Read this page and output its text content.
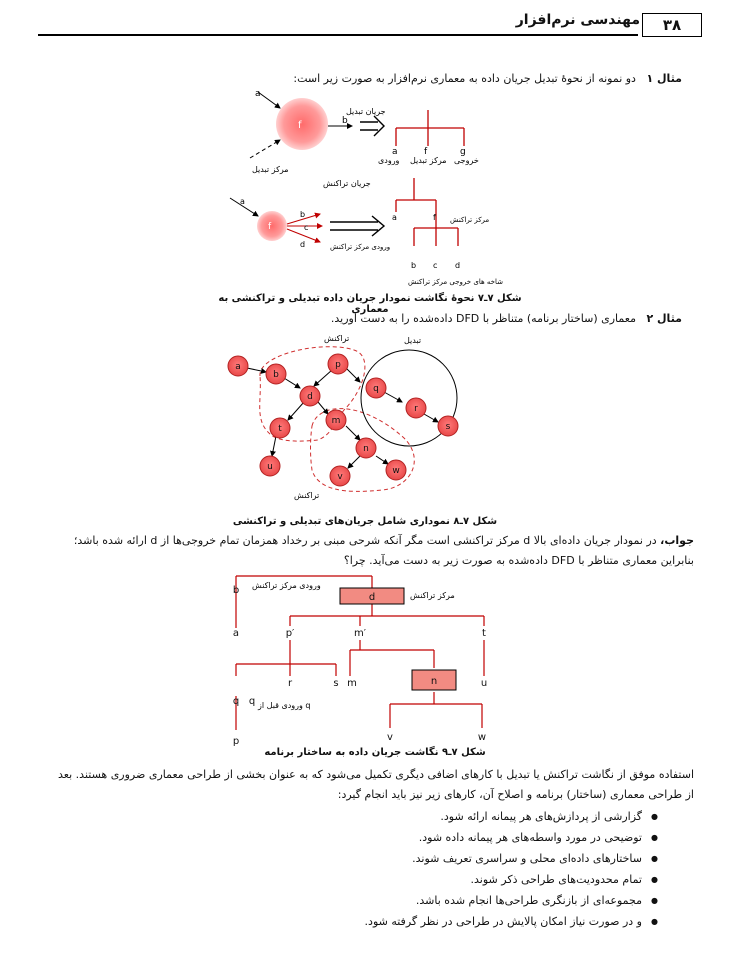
۳۸
مهندسی نرم‌افزار
مثال ۱   دو نمونه از نحوهٔ تبدیل جریان داده به معماری نرم‌افزار به صورت زیر است:
f
a
مرکز تبدیل
b
جریان تبدیل
جریان تراکنش
a	f	g
ورودی مرکز تبدیل خروجی
f
a
b
c
d	ورودی مرکز تراکنش
a	f مرکز تراکنش
b c d
شاخه های خروجی مرکز تراکنش
شکل ۷ـ۷ نحوهٔ نگاشت نمودار جریان داده تبدیلی و تراکنشی به معماری
مثال ۲   معماری (ساختار برنامه) متناظر با DFD داده‌شده را به دست آورید.
تراکنش	تبدیل
تراکنش
a
b
p
d
q
m
r
t	s
n
u	w
v
شکل ۷ـ۸ نموداری شامل جریان‌های تبدیلی و تراکنشی
جواب، در نمودار جریان داده‌ای بالا d مرکز تراکنشی است مگر آنکه شرحی مبنی بر رخداد همزمان تمام خروجی‌ها از d ارائه شده باشد؛
بنابراین معماری متناظر با DFD داده‌شده به صورت زیر به دست می‌آید. چرا؟
d
n
b
a	p′	m′	t
r	s m	u
q q
p	v	w
ورودی مرکز تراکنش
مرکز تراکنش
ورودی قبل از q
شکل ۷ـ۹ نگاشت جریان داده به ساختار برنامه
استفاده موفق از نگاشت تراکنش یا تبدیل با کارهای اضافی دیگری تکمیل می‌شود که به عنوان بخشی از طراحی معماری ضروری هستند. بعد
از طراحی معماری (ساختار) برنامه و اصلاح آن، کارهای زیر نیز باید انجام گیرد:
● گزارشی از پردازش‌های هر پیمانه ارائه شود.
● توضیحی در مورد واسطه‌های هر پیمانه داده شود.
● ساختارهای داده‌ای محلی و سراسری تعریف شوند.
● تمام محدودیت‌های طراحی ذکر شوند.
● مجموعه‌ای از بازنگری طراحی‌ها انجام شده باشد.
● و در صورت نیاز امکان پالایش در طراحی در نظر گرفته شود.
